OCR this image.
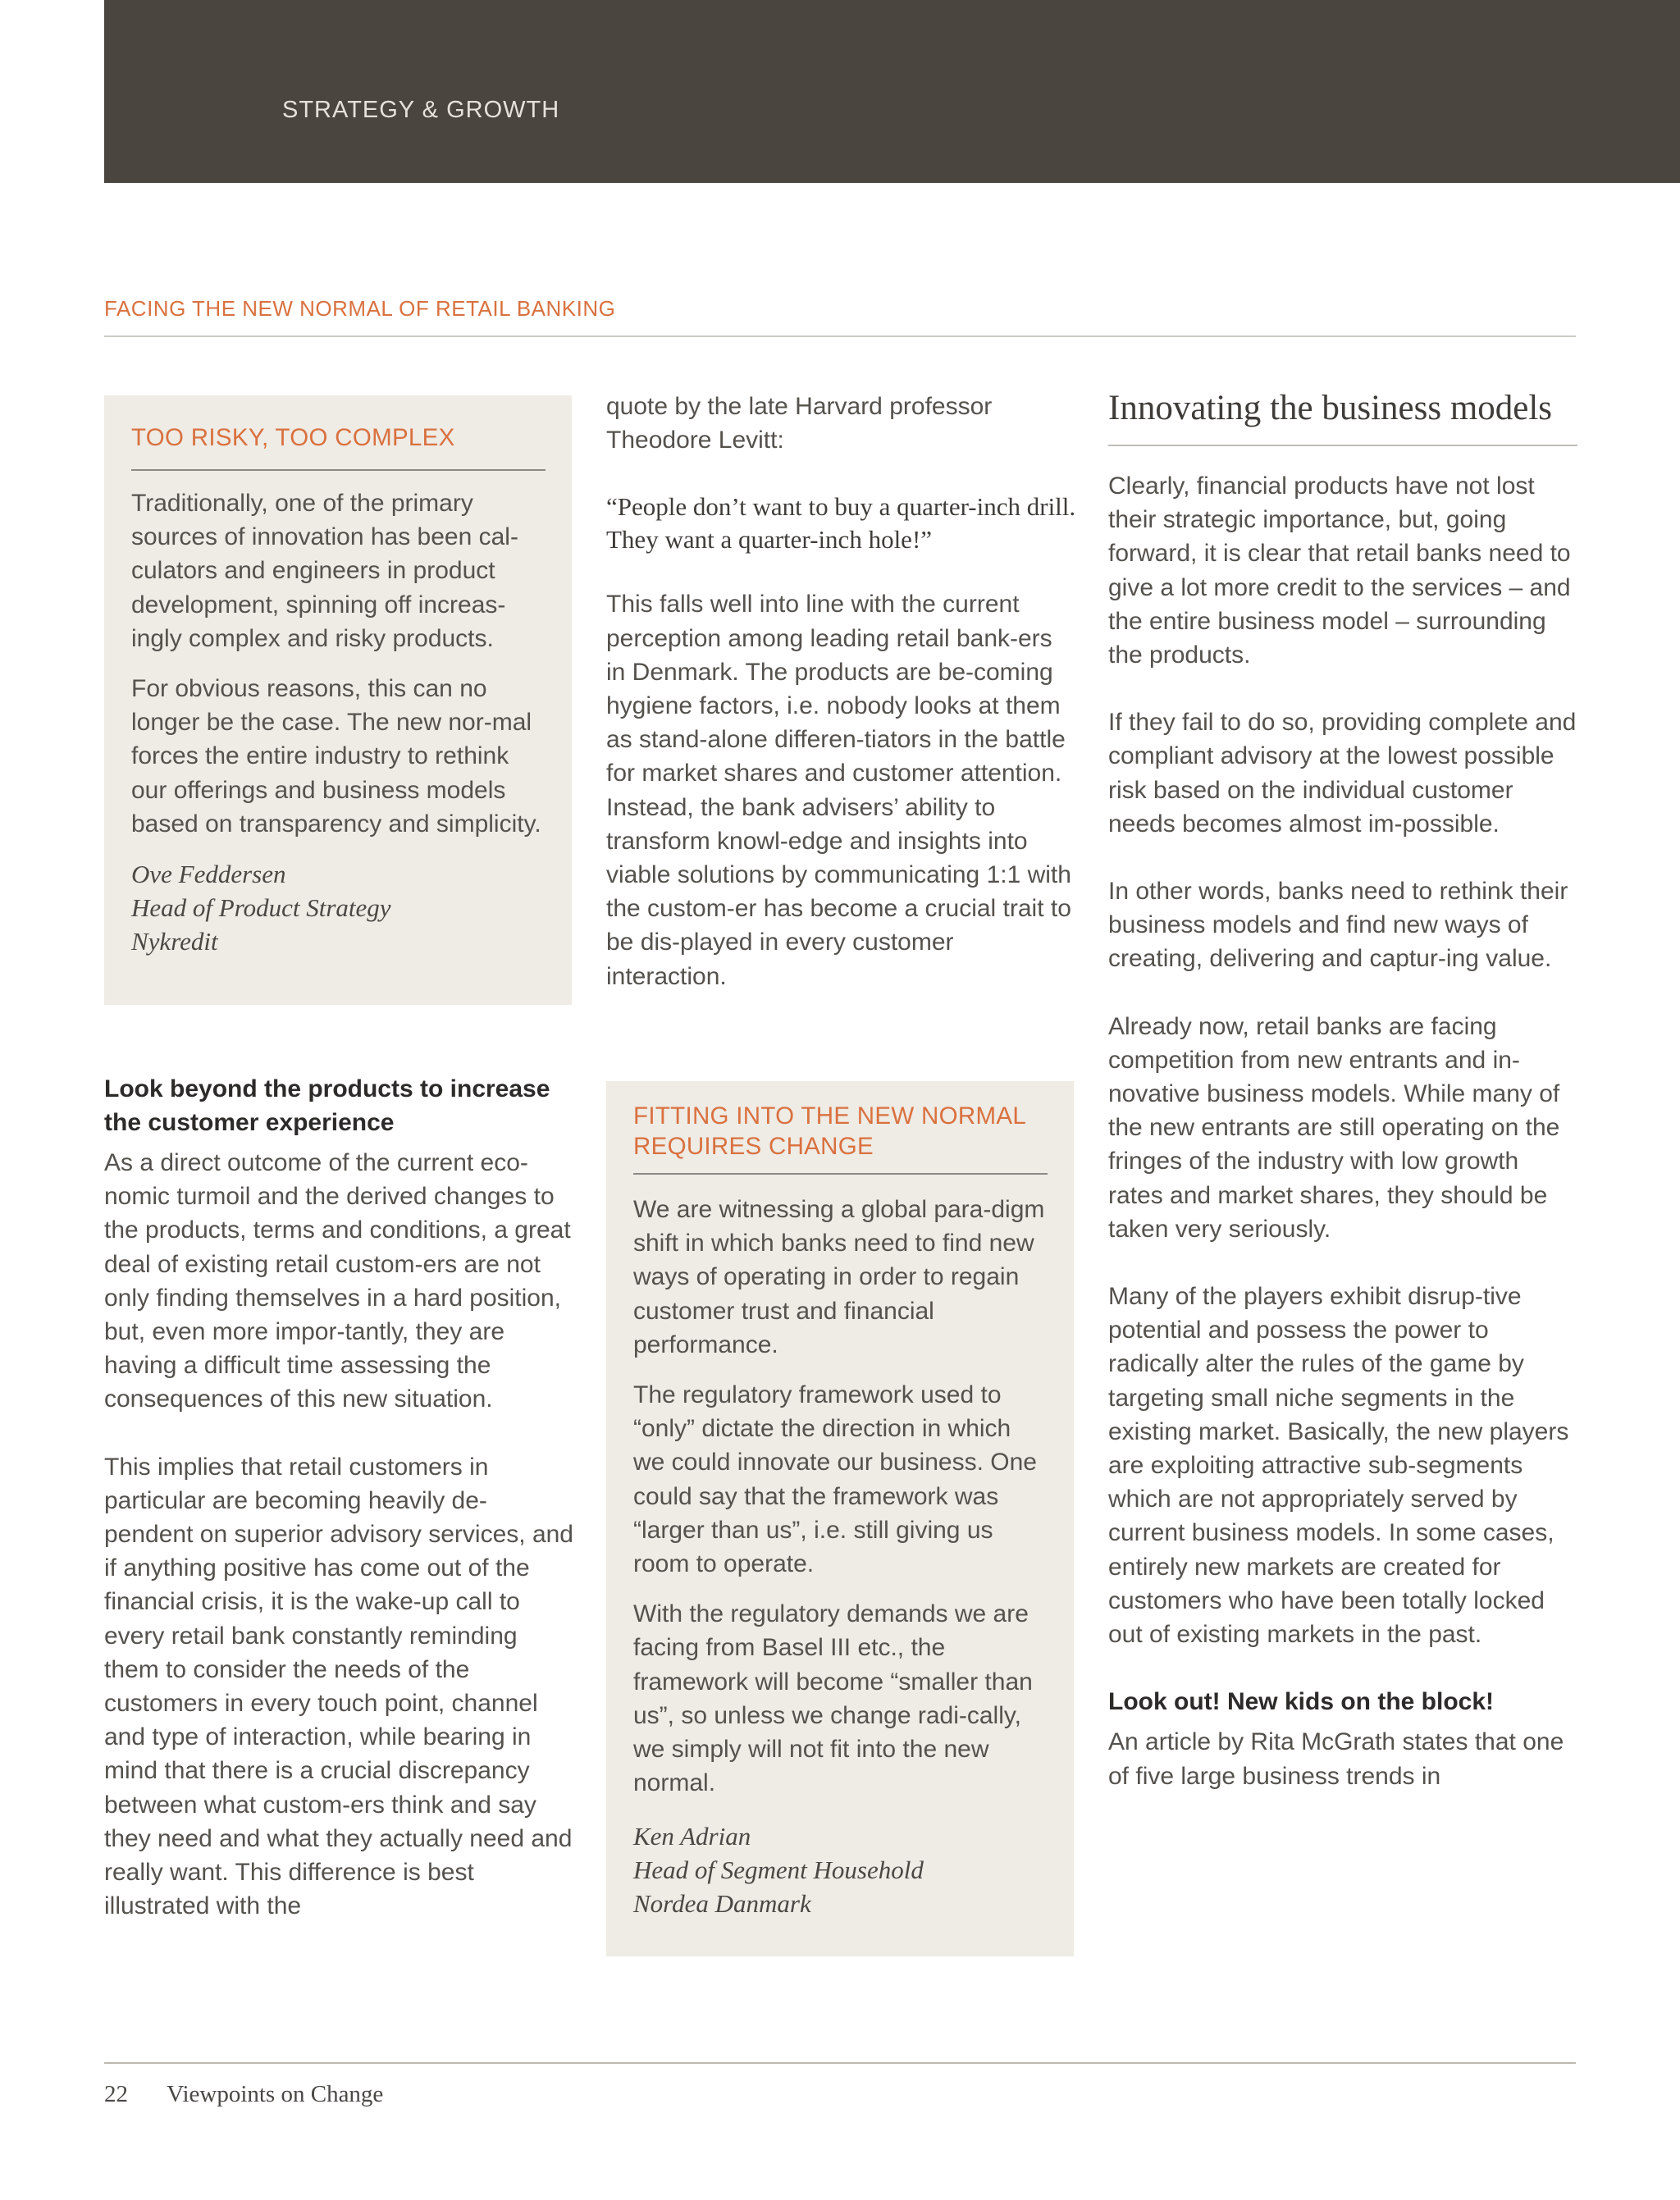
STRATEGY & GROWTH
FACING THE NEW NORMAL OF RETAIL BANKING
TOO RISKY, TOO COMPLEX

Traditionally, one of the primary sources of innovation has been cal-culators and engineers in product development, spinning off increas-ingly complex and risky products.

For obvious reasons, this can no longer be the case. The new nor-mal forces the entire industry to rethink our offerings and business models based on transparency and simplicity.

Ove Feddersen
Head of Product Strategy
Nykredit
Look beyond the products to increase the customer experience

As a direct outcome of the current eco-nomic turmoil and the derived changes to the products, terms and conditions, a great deal of existing retail custom-ers are not only finding themselves in a hard position, but, even more impor-tantly, they are having a difficult time assessing the consequences of this new situation.

This implies that retail customers in particular are becoming heavily de-pendent on superior advisory services, and if anything positive has come out of the financial crisis, it is the wake-up call to every retail bank constantly reminding them to consider the needs of the customers in every touch point, channel and type of interaction, while bearing in mind that there is a crucial discrepancy between what custom-ers think and say they need and what they actually need and really want. This difference is best illustrated with the

quote by the late Harvard professor Theodore Levitt:

“People don’t want to buy a quarter-inch drill. They want a quarter-inch hole!”

This falls well into line with the current perception among leading retail bank-ers in Denmark. The products are be-coming hygiene factors, i.e. nobody looks at them as stand-alone differen-tiators in the battle for market shares and customer attention. Instead, the bank advisers’ ability to transform knowl-edge and insights into viable solutions by communicating 1:1 with the custom-er has become a crucial trait to be dis-played in every customer interaction.

FITTING INTO THE NEW NORMAL REQUIRES CHANGE

We are witnessing a global para-digm shift in which banks need to find new ways of operating in order to regain customer trust and financial performance.

The regulatory framework used to “only” dictate the direction in which we could innovate our business. One could say that the framework was “larger than us”, i.e. still giving us room to operate.

With the regulatory demands we are facing from Basel III etc., the framework will become “smaller than us”, so unless we change radi-cally, we simply will not fit into the new normal.

Ken Adrian
Head of Segment Household
Nordea Danmark
Innovating the business models

Clearly, financial products have not lost their strategic importance, but, going forward, it is clear that retail banks need to give a lot more credit to the services – and the entire business model – surrounding the products.

If they fail to do so, providing complete and compliant advisory at the lowest possible risk based on the individual customer needs becomes almost im-possible.

In other words, banks need to rethink their business models and find new ways of creating, delivering and captur-ing value.

Already now, retail banks are facing competition from new entrants and in-novative business models. While many of the new entrants are still operating on the fringes of the industry with low growth rates and market shares, they should be taken very seriously.

Many of the players exhibit disrup-tive potential and possess the power to radically alter the rules of the game by targeting small niche segments in the existing market. Basically, the new players are exploiting attractive sub-segments which are not appropriately served by current business models. In some cases, entirely new markets are created for customers who have been totally locked out of existing markets in the past.

Look out! New kids on the block!

An article by Rita McGrath states that one of five large business trends in

22 Viewpoints on Change
